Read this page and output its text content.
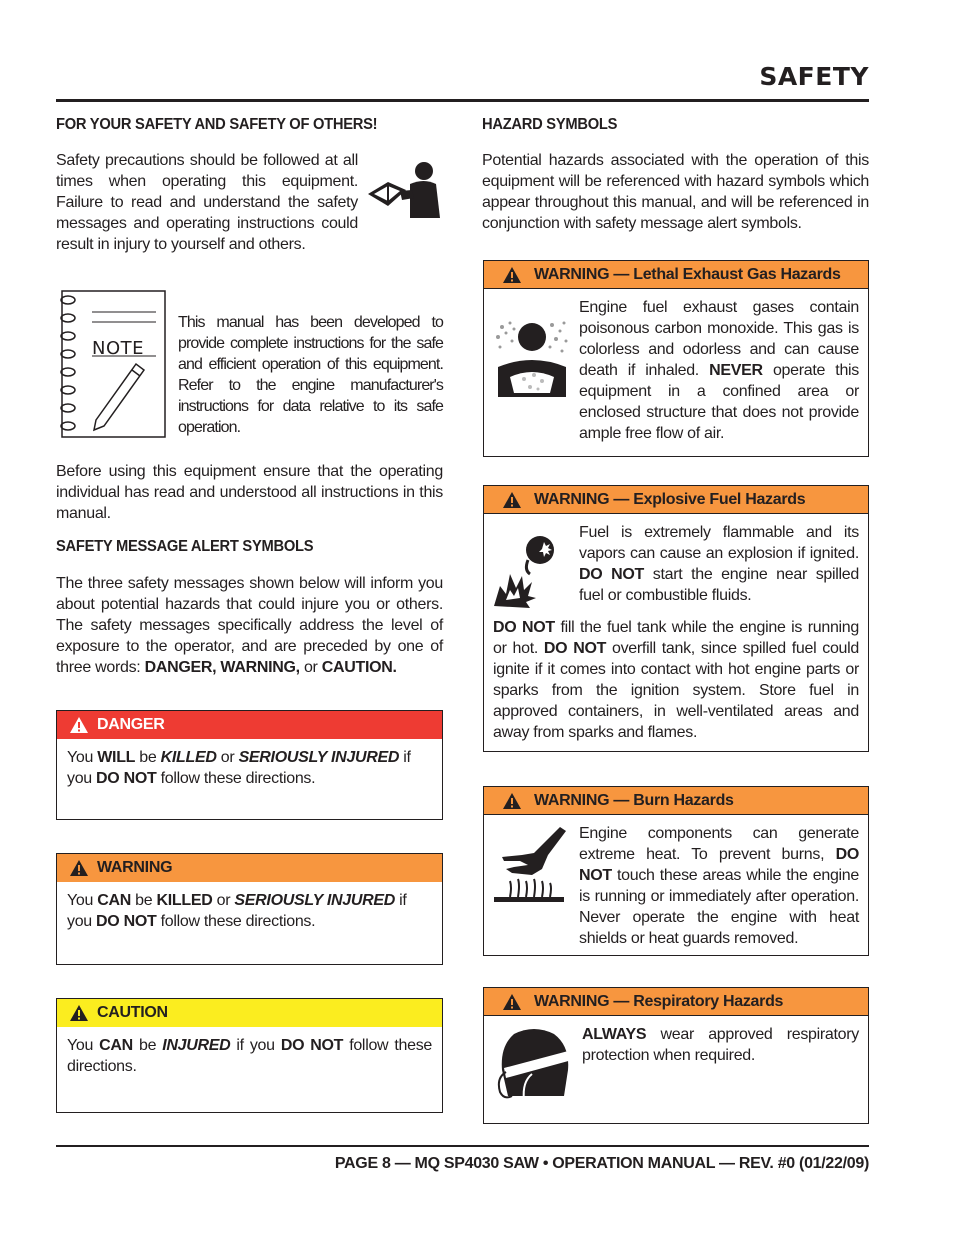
SAFETY
FOR YOUR SAFETY AND SAFETY OF OTHERS!
Safety precautions should be followed at all times when operating this equipment. Failure to read and understand the safety messages and operating instructions could result in injury to yourself and others.
NOTE
This manual has been developed to provide complete instructions for the safe and efficient operation of this equipment. Refer to the engine manufacturer's instructions for data relative to its safe operation.
Before using this equipment ensure that the operating individual has read and understood all instructions in this manual.
SAFETY MESSAGE ALERT SYMBOLS
The three safety messages shown below will inform you about potential hazards that could injure you or others. The safety messages specifically address the level of exposure to the operator, and are preceded by one of three words: DANGER, WARNING, or CAUTION.
DANGER
You WILL be KILLED or SERIOUSLY INJURED if you DO NOT follow these directions.
WARNING
You CAN be KILLED or SERIOUSLY INJURED if you DO NOT follow these directions.
CAUTION
You CAN be INJURED if you DO NOT follow these directions.
HAZARD SYMBOLS
Potential hazards associated with the operation of this equipment will be referenced with hazard symbols which appear throughout this manual, and will be referenced in conjunction with safety message alert symbols.
WARNING — Lethal Exhaust Gas Hazards
Engine fuel exhaust gases contain poisonous carbon monoxide. This gas is colorless and odorless and can cause death if inhaled. NEVER operate this equipment in a confined area or enclosed structure that does not provide ample free flow of air.
WARNING — Explosive Fuel Hazards
Fuel is extremely flammable and its vapors can cause an explosion if ignited. DO NOT start the engine near spilled fuel or combustible fluids.
DO NOT fill the fuel tank while the engine is running or hot. DO NOT overfill tank, since spilled fuel could ignite if it comes into contact with hot engine parts or sparks from the ignition system. Store fuel in approved containers, in well-ventilated areas and away from sparks and flames.
WARNING — Burn Hazards
Engine components can generate extreme heat. To prevent burns, DO NOT touch these areas while the engine is running or immediately after operation. Never operate the engine with heat shields or heat guards removed.
WARNING — Respiratory Hazards
ALWAYS wear approved respiratory protection when required.
PAGE 8 — MQ SP4030 SAW • OPERATION MANUAL — REV. #0 (01/22/09)
